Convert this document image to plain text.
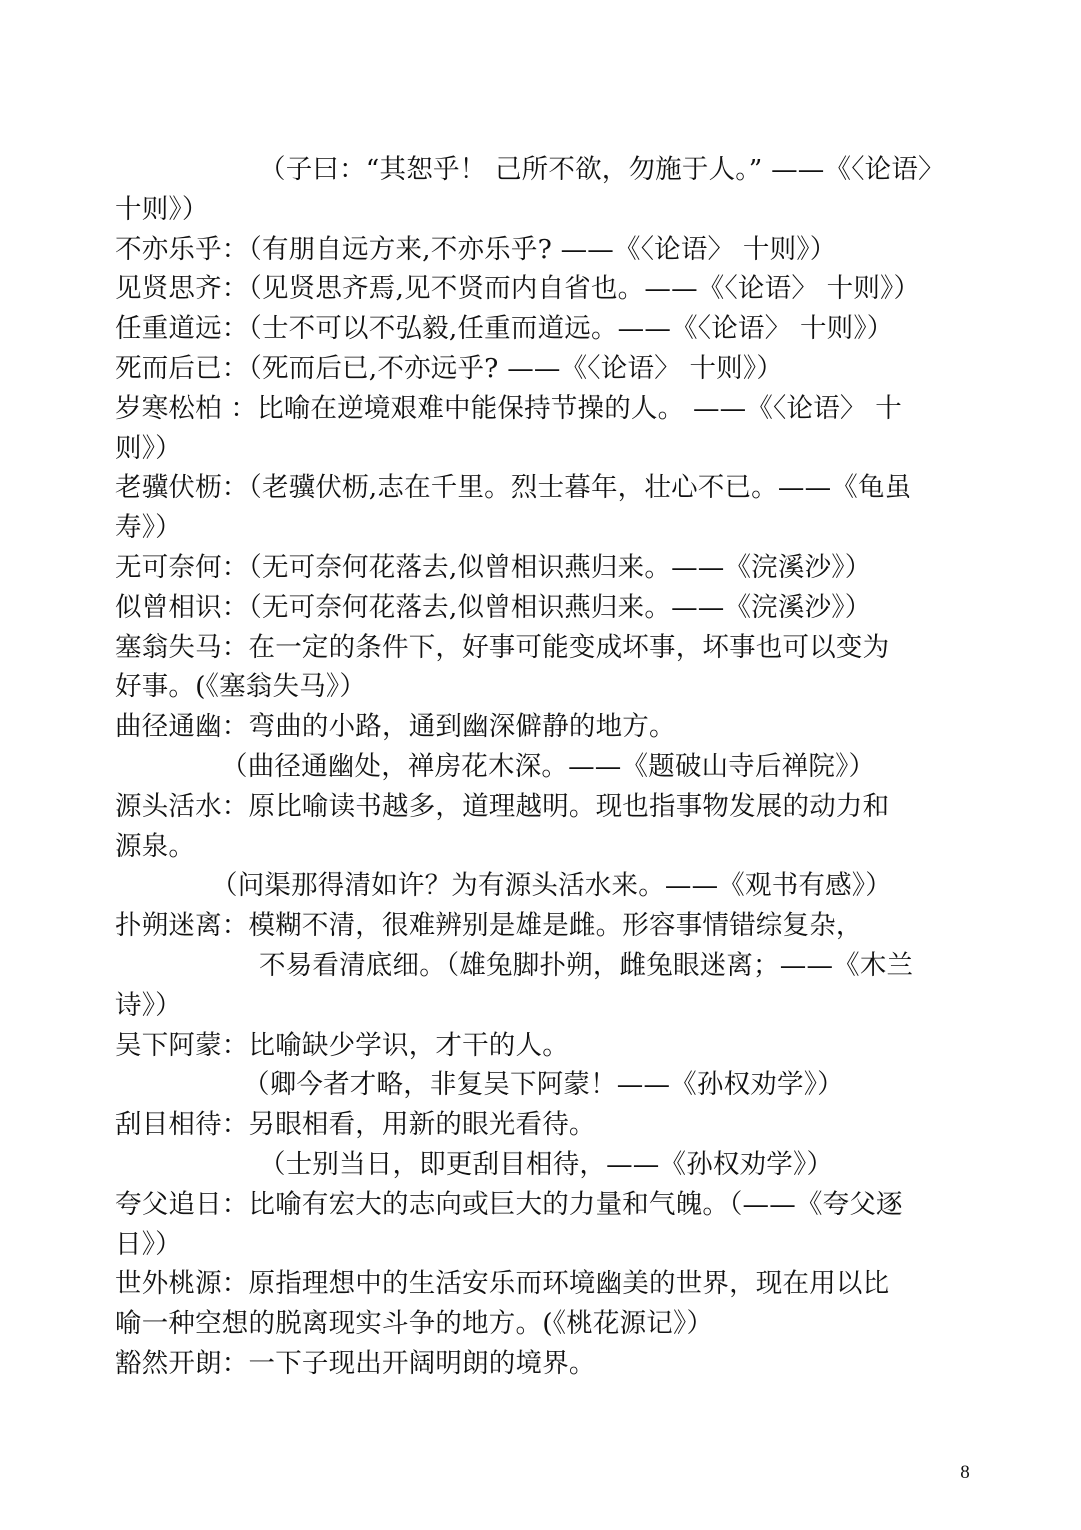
（子曰：“其恕乎！ 己所不欲，勿施于人。” ——《〈论语〉
十则》）
不亦乐乎：（有朋自远方来,不亦乐乎? ——《〈论语〉 十则》）
见贤思齐：（见贤思齐焉,见不贤而内自省也。——《〈论语〉 十则》）
任重道远：（士不可以不弘毅,任重而道远。——《〈论语〉 十则》）
死而后已：（死而后已,不亦远乎? ——《〈论语〉 十则》）
岁寒松柏 ：比喻在逆境艰难中能保持节操的人。 ——《〈论语〉 十
则》）
老骥伏枥：（老骥伏枥,志在千里。烈士暮年，壮心不已。——《龟虽
寿》）
无可奈何：（无可奈何花落去,似曾相识燕归来。——《浣溪沙》）
似曾相识：（无可奈何花落去,似曾相识燕归来。——《浣溪沙》）
塞翁失马：在一定的条件下，好事可能变成坏事，坏事也可以变为
好事。(《塞翁失马》）
曲径通幽：弯曲的小路，通到幽深僻静的地方。
（曲径通幽处，禅房花木深。——《题破山寺后禅院》）
源头活水：原比喻读书越多，道理越明。现也指事物发展的动力和
源泉。
（问渠那得清如许？为有源头活水来。——《观书有感》）
扑朔迷离：模糊不清，很难辨别是雄是雌。形容事情错综复杂，
不易看清底细。（雄兔脚扑朔，雌兔眼迷离；——《木兰
诗》）
吴下阿蒙：比喻缺少学识，才干的人。
（卿今者才略，非复吴下阿蒙！——《孙权劝学》）
刮目相待：另眼相看，用新的眼光看待。
（士别当日，即更刮目相待，——《孙权劝学》）
夸父追日：比喻有宏大的志向或巨大的力量和气魄。（——《夸父逐
日》）
世外桃源：原指理想中的生活安乐而环境幽美的世界，现在用以比
喻一种空想的脱离现实斗争的地方。(《桃花源记》）
豁然开朗：一下子现出开阔明朗的境界。
8
